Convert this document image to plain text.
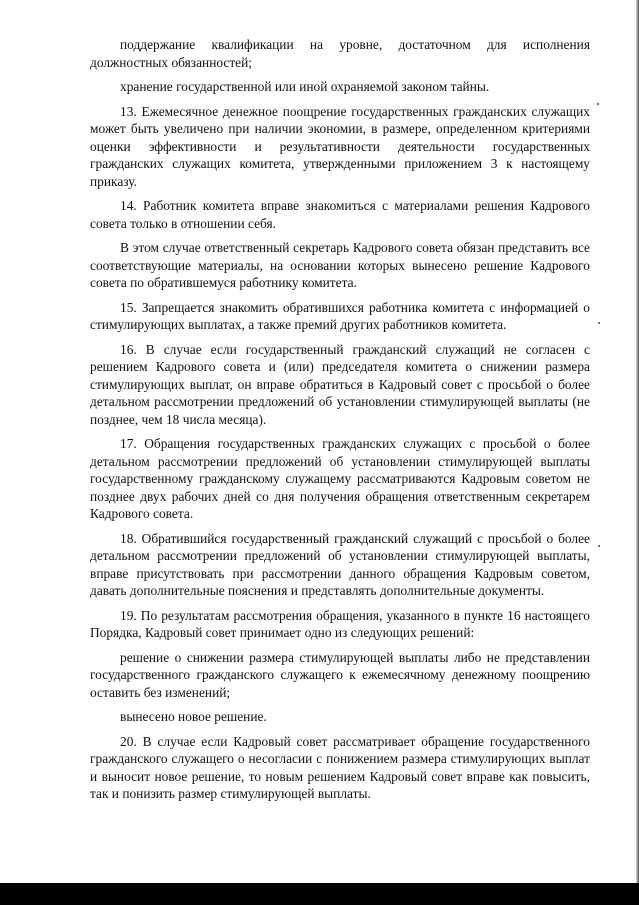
поддержание квалификации на уровне, достаточном для исполнения должностных обязанностей;

хранение государственной или иной охраняемой законом тайны.

13. Ежемесячное денежное поощрение государственных гражданских служащих может быть увеличено при наличии экономии, в размере, определенном критериями оценки эффективности и результативности деятельности государственных гражданских служащих комитета, утвержденными приложением 3 к настоящему приказу.

14. Работник комитета вправе знакомиться с материалами решения Кадрового совета только в отношении себя.

В этом случае ответственный секретарь Кадрового совета обязан представить все соответствующие материалы, на основании которых вынесено решение Кадрового совета по обратившемуся работнику комитета.

15. Запрещается знакомить обратившихся работника комитета с информацией о стимулирующих выплатах, а также премий других работников комитета.

16. В случае если государственный гражданский служащий не согласен с решением Кадрового совета и (или) председателя комитета о снижении размера стимулирующих выплат, он вправе обратиться в Кадровый совет с просьбой о более детальном рассмотрении предложений об установлении стимулирующей выплаты (не позднее, чем 18 числа месяца).

17. Обращения государственных гражданских служащих с просьбой о более детальном рассмотрении предложений об установлении стимулирующей выплаты государственному гражданскому служащему рассматриваются Кадровым советом не позднее двух рабочих дней со дня получения обращения ответственным секретарем Кадрового совета.

18. Обратившийся государственный гражданский служащий с просьбой о более детальном рассмотрении предложений об установлении стимулирующей выплаты, вправе присутствовать при рассмотрении данного обращения Кадровым советом, давать дополнительные пояснения и представлять дополнительные документы.

19. По результатам рассмотрения обращения, указанного в пункте 16 настоящего Порядка, Кадровый совет принимает одно из следующих решений:

решение о снижении размера стимулирующей выплаты либо не представлении государственного гражданского служащего к ежемесячному денежному поощрению оставить без изменений;

вынесено новое решение.

20. В случае если Кадровый совет рассматривает обращение государственного гражданского служащего о несогласии с понижением размера стимулирующих выплат и выносит новое решение, то новым решением Кадровый совет вправе как повысить, так и понизить размер стимулирующей выплаты.
